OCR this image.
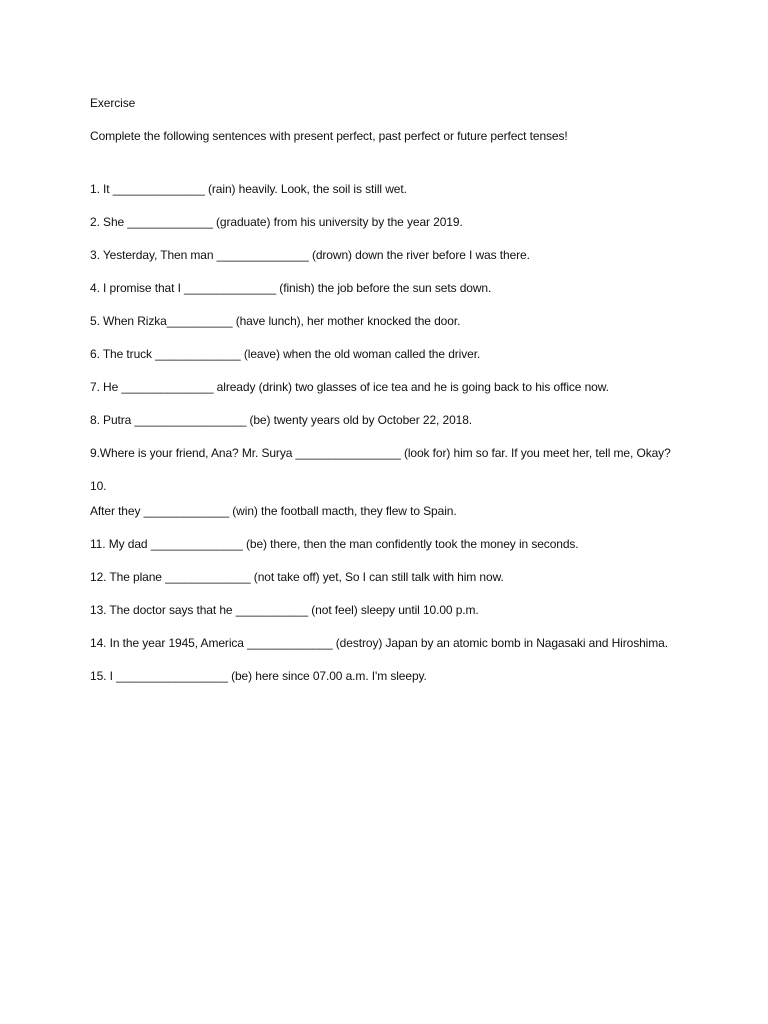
Exercise

Complete the following sentences with present perfect, past perfect or future perfect tenses!

1. It ______________ (rain) heavily. Look, the soil is still wet.
2. She _____________ (graduate) from his university by the year 2019.
3. Yesterday, Then man ______________ (drown) down the river before I was there.
4. I promise that I ______________ (finish) the job before the sun sets down.
5. When Rizka__________ (have lunch), her mother knocked the door.
6. The truck _____________ (leave) when the old woman called the driver.
7. He ______________ already (drink) two glasses of ice tea and he is going back to his office now.
8. Putra _________________ (be) twenty years old by October 22, 2018.
9.Where is your friend, Ana? Mr. Surya ________________ (look for) him so far. If you meet her, tell me, Okay?
10.
After they _____________ (win) the football macth, they flew to Spain.
11. My dad ______________ (be) there, then the man confidently took the money in seconds.
12. The plane _____________ (not take off) yet, So I can still talk with him now.
13. The doctor says that he ___________ (not feel) sleepy until 10.00 p.m.
14. In the year 1945, America _____________ (destroy) Japan by an atomic bomb in Nagasaki and Hiroshima.
15. I _________________ (be) here since 07.00 a.m. I'm sleepy.
